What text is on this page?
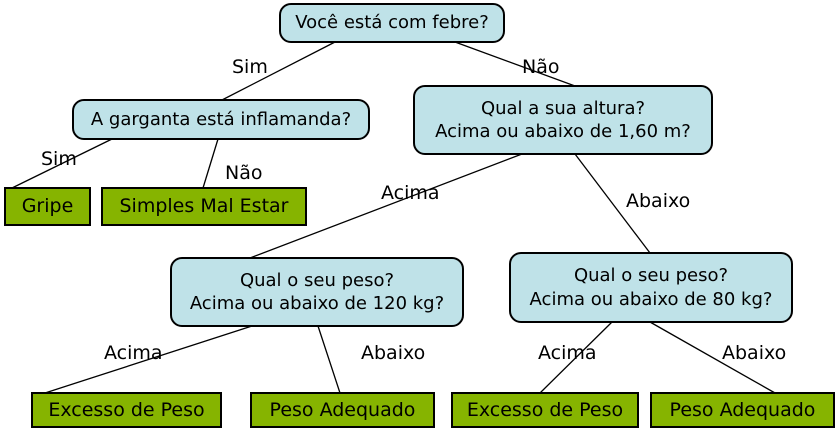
Você está com febre?
A garganta está inflamanda?
Qual a sua altura?
Acima ou abaixo de 1,60 m?
Qual o seu peso?
Acima ou abaixo de 120 kg?
Qual o seu peso?
Acima ou abaixo de 80 kg?
Gripe Simples Mal Estar
Excesso de Peso	Peso Adequado	Excesso de Peso Peso Adequado
Sim	Não
Sim
Não
Acima	Abaixo
Acima	Abaixo	Acima	Abaixo
